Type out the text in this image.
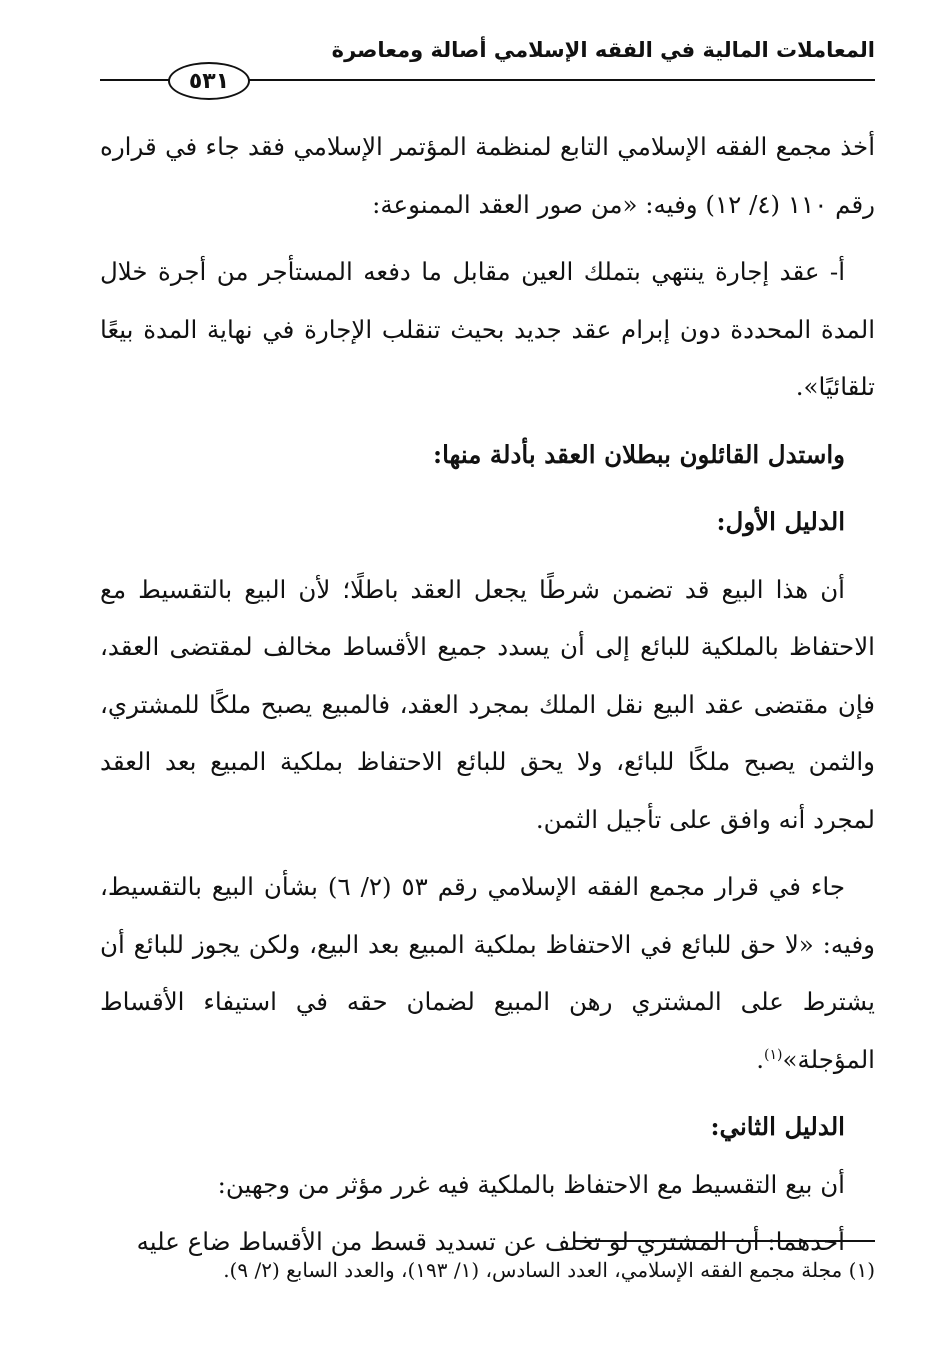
المعاملات المالية في الفقه الإسلامي أصالة ومعاصرة
٥٣١

أخذ مجمع الفقه الإسلامي التابع لمنظمة المؤتمر الإسلامي فقد جاء في قراره رقم ١١٠ (٤/ ١٢) وفيه: «من صور العقد الممنوعة:

أ- عقد إجارة ينتهي بتملك العين مقابل ما دفعه المستأجر من أجرة خلال المدة المحددة دون إبرام عقد جديد بحيث تنقلب الإجارة في نهاية المدة بيعًا تلقائيًا».

واستدل القائلون ببطلان العقد بأدلة منها:

الدليل الأول:

أن هذا البيع قد تضمن شرطًا يجعل العقد باطلًا؛ لأن البيع بالتقسيط مع الاحتفاظ بالملكية للبائع إلى أن يسدد جميع الأقساط مخالف لمقتضى العقد، فإن مقتضى عقد البيع نقل الملك بمجرد العقد، فالمبيع يصبح ملكًا للمشتري، والثمن يصبح ملكًا للبائع، ولا يحق للبائع الاحتفاظ بملكية المبيع بعد العقد لمجرد أنه وافق على تأجيل الثمن.

جاء في قرار مجمع الفقه الإسلامي رقم ٥٣ (٢/ ٦) بشأن البيع بالتقسيط، وفيه: «لا حق للبائع في الاحتفاظ بملكية المبيع بعد البيع، ولكن يجوز للبائع أن يشترط على المشتري رهن المبيع لضمان حقه في استيفاء الأقساط المؤجلة»$^{(١)}$.

الدليل الثاني:

أن بيع التقسيط مع الاحتفاظ بالملكية فيه غرر مؤثر من وجهين:

أحدهما: أن المشتري لو تخلف عن تسديد قسط من الأقساط ضاع عليه

(١) مجلة مجمع الفقه الإسلامي، العدد السادس، (١/ ١٩٣)، والعدد السابع (٢/ ٩).
